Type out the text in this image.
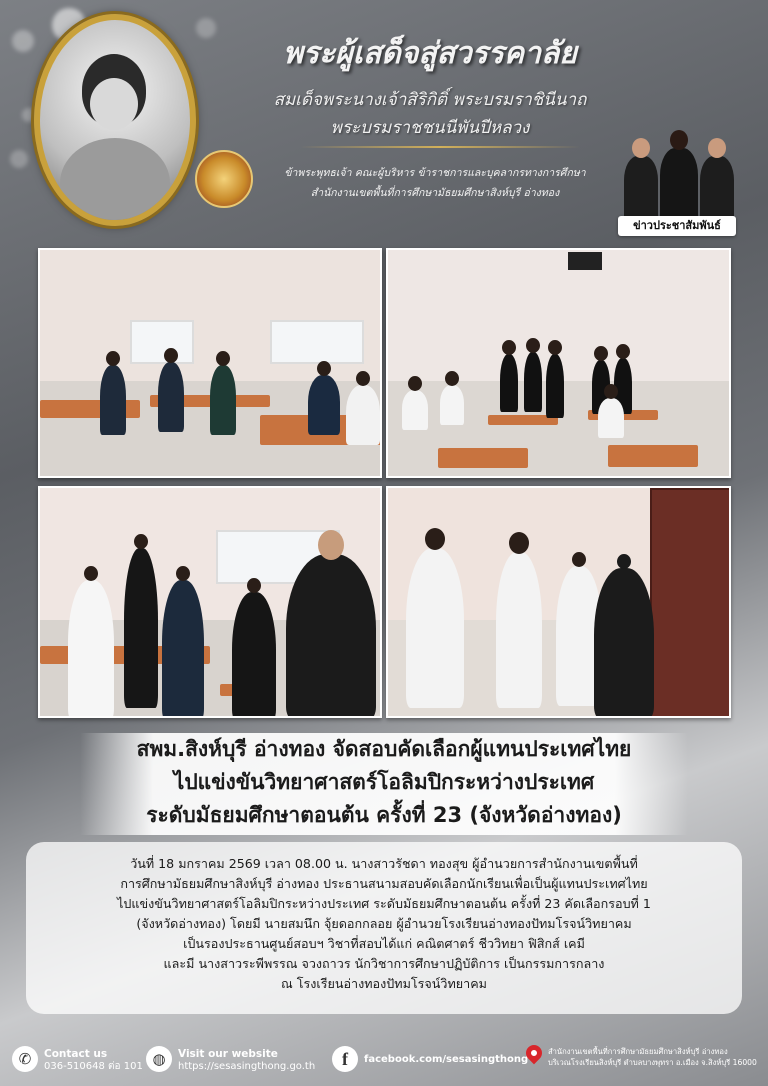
พระผู้เสด็จสู่สวรรคาลัย
สมเด็จพระนางเจ้าสิริกิติ์ พระบรมราชินีนาถ
พระบรมราชชนนีพันปีหลวง
ข้าพระพุทธเจ้า คณะผู้บริหาร ข้าราชการและบุคลากรทางการศึกษา
สำนักงานเขตพื้นที่การศึกษามัธยมศึกษาสิงห์บุรี อ่างทอง
ข่าวประชาสัมพันธ์
สพม.สิงห์บุรี อ่างทอง จัดสอบคัดเลือกผู้แทนประเทศไทย
ไปแข่งขันวิทยาศาสตร์โอลิมปิกระหว่างประเทศ
ระดับมัธยมศึกษาตอนต้น ครั้งที่ 23 (จังหวัดอ่างทอง)
วันที่ 18 มกราคม 2569 เวลา 08.00 น. นางสาวรัชดา ทองสุข ผู้อำนวยการสำนักงานเขตพื้นที่
การศึกษามัธยมศึกษาสิงห์บุรี อ่างทอง ประธานสนามสอบคัดเลือกนักเรียนเพื่อเป็นผู้แทนประเทศไทย
ไปแข่งขันวิทยาศาสตร์โอลิมปิกระหว่างประเทศ ระดับมัธยมศึกษาตอนต้น ครั้งที่ 23 คัดเลือกรอบที่ 1
(จังหวัดอ่างทอง) โดยมี นายสมนึก จุ้ยดอกกลอย ผู้อำนวยโรงเรียนอ่างทองปัทมโรจน์วิทยาคม
เป็นรองประธานศูนย์สอบฯ วิชาที่สอบได้แก่ คณิตศาตร์ ชีววิทยา ฟิสิกส์ เคมี
และมี นางสาวระพีพรรณ จวงถาวร นักวิชาการศึกษาปฏิบัติการ เป็นกรรมการกลาง
ณ โรงเรียนอ่างทองปัทมโรจน์วิทยาคม
✆	Contact us
036-510648 ต่อ 101 ◍	Visit our website
https://sesasingthong.go.th	f	facebook.com/sesasingthong
สำนักงานเขตพื้นที่การศึกษามัธยมศึกษาสิงห์บุรี อ่างทอง
บริเวณโรงเรียนสิงห์บุรี ตำบลบางพุทรา อ.เมือง จ.สิงห์บุรี 16000
